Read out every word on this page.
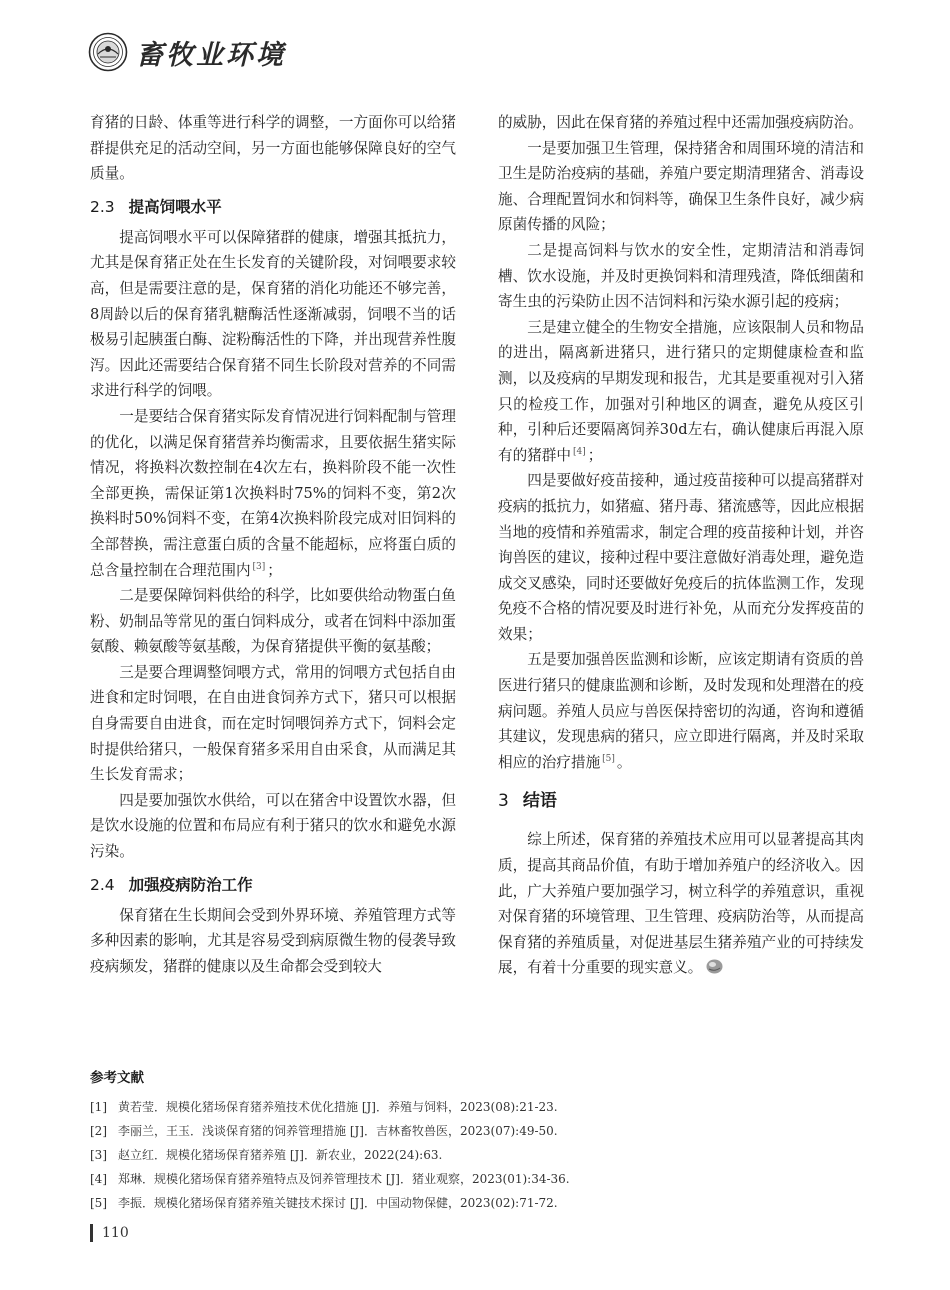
畜牧业环境

育猪的日龄、体重等进行科学的调整，一方面你可以给猪群提供充足的活动空间，另一方面也能够保障良好的空气质量。

2.3 提高饲喂水平

提高饲喂水平可以保障猪群的健康，增强其抵抗力，尤其是保育猪正处在生长发育的关键阶段，对饲喂要求较高，但是需要注意的是，保育猪的消化功能还不够完善，8周龄以后的保育猪乳糖酶活性逐渐减弱，饲喂不当的话极易引起胰蛋白酶、淀粉酶活性的下降，并出现营养性腹泻。因此还需要结合保育猪不同生长阶段对营养的不同需求进行科学的饲喂。

一是要结合保育猪实际发育情况进行饲料配制与管理的优化，以满足保育猪营养均衡需求，且要依据生猪实际情况，将换料次数控制在4次左右，换料阶段不能一次性全部更换，需保证第1次换料时75%的饲料不变，第2次换料时50%饲料不变，在第4次换料阶段完成对旧饲料的全部替换，需注意蛋白质的含量不能超标，应将蛋白质的总含量控制在合理范围内 [3] ；

二是要保障饲料供给的科学，比如要供给动物蛋白鱼粉、奶制品等常见的蛋白饲料成分，或者在饲料中添加蛋氨酸、赖氨酸等氨基酸，为保育猪提供平衡的氨基酸；

三是要合理调整饲喂方式，常用的饲喂方式包括自由进食和定时饲喂，在自由进食饲养方式下，猪只可以根据自身需要自由进食，而在定时饲喂饲养方式下，饲料会定时提供给猪只，一般保育猪多采用自由采食，从而满足其生长发育需求；

四是要加强饮水供给，可以在猪舍中设置饮水器，但是饮水设施的位置和布局应有利于猪只的饮水和避免水源污染。

2.4 加强疫病防治工作

保育猪在生长期间会受到外界环境、养殖管理方式等多种因素的影响，尤其是容易受到病原微生物的侵袭导致疫病频发，猪群的健康以及生命都会受到较大

的威胁，因此在保育猪的养殖过程中还需加强疫病防治。

一是要加强卫生管理，保持猪舍和周围环境的清洁和卫生是防治疫病的基础，养殖户要定期清理猪舍、消毒设施、合理配置饲水和饲料等，确保卫生条件良好，减少病原菌传播的风险；

二是提高饲料与饮水的安全性，定期清洁和消毒饲槽、饮水设施，并及时更换饲料和清理残渣，降低细菌和寄生虫的污染防止因不洁饲料和污染水源引起的疫病；

三是建立健全的生物安全措施，应该限制人员和物品的进出，隔离新进猪只，进行猪只的定期健康检查和监测，以及疫病的早期发现和报告，尤其是要重视对引入猪只的检疫工作，加强对引种地区的调查，避免从疫区引种，引种后还要隔离饲养30d左右，确认健康后再混入原有的猪群中 [4] ；

四是要做好疫苗接种，通过疫苗接种可以提高猪群对疫病的抵抗力，如猪瘟、猪丹毒、猪流感等，因此应根据当地的疫情和养殖需求，制定合理的疫苗接种计划，并咨询兽医的建议，接种过程中要注意做好消毒处理，避免造成交叉感染，同时还要做好免疫后的抗体监测工作，发现免疫不合格的情况要及时进行补免，从而充分发挥疫苗的效果；

五是要加强兽医监测和诊断，应该定期请有资质的兽医进行猪只的健康监测和诊断，及时发现和处理潜在的疫病问题。养殖人员应与兽医保持密切的沟通，咨询和遵循其建议，发现患病的猪只，应立即进行隔离，并及时采取相应的治疗措施 [5] 。

3 结语

综上所述，保育猪的养殖技术应用可以显著提高其肉质，提高其商品价值，有助于增加养殖户的经济收入。因此，广大养殖户要加强学习，树立科学的养殖意识，重视对保育猪的环境管理、卫生管理、疫病防治等，从而提高保育猪的养殖质量，对促进基层生猪养殖产业的可持续发展，有着十分重要的现实意义。

参考文献
[1] 黄若莹．规模化猪场保育猪养殖技术优化措施 [J]．养殖与饲料，2023(08):21-23.
[2] 李丽兰，王玉．浅谈保育猪的饲养管理措施 [J]．吉林畜牧兽医，2023(07):49-50.
[3] 赵立红．规模化猪场保育猪养殖 [J]．新农业，2022(24):63.
[4] 郑琳．规模化猪场保育猪养殖特点及饲养管理技术 [J]．猪业观察，2023(01):34-36.
[5] 李振．规模化猪场保育猪养殖关键技术探讨 [J]．中国动物保健，2023(02):71-72.
110
